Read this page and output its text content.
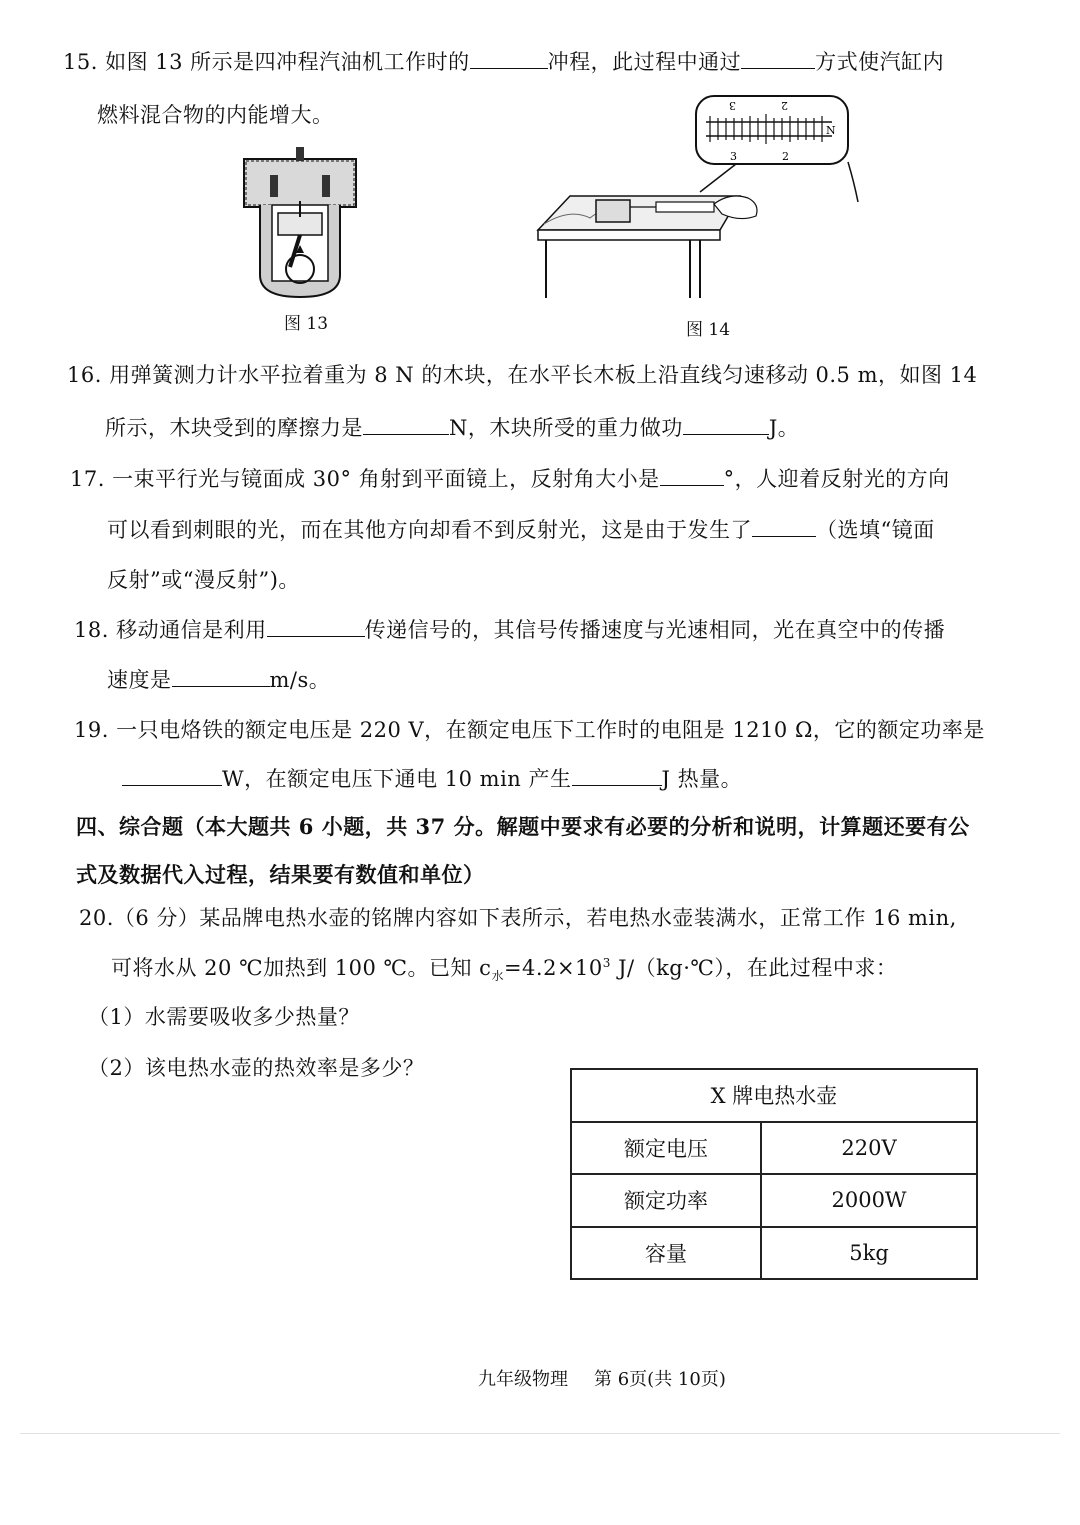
15. 如图 13 所示是四冲程汽油机工作时的	冲程，此过程中通过	方式使汽缸内
燃料混合物的内能增大。
图 13
3	2
N
3	2
图 14
16. 用弹簧测力计水平拉着重为 8 N 的木块，在水平长木板上沿直线匀速移动 0.5 m，如图 14
所示，木块受到的摩擦力是	N，木块所受的重力做功	J。
17. 一束平行光与镜面成 30° 角射到平面镜上，反射角大小是	°，人迎着反射光的方向
可以看到刺眼的光，而在其他方向却看不到反射光，这是由于发生了	（选填“镜面
反射”或“漫反射”)。
18. 移动通信是利用	传递信号的，其信号传播速度与光速相同，光在真空中的传播
速度是	m/s。
19. 一只电烙铁的额定电压是 220 V，在额定电压下工作时的电阻是 1210 Ω，它的额定功率是
W，在额定电压下通电 10 min 产生	J 热量。
四、综合题（本大题共 6 小题，共 37 分。解题中要求有必要的分析和说明，计算题还要有公
式及数据代入过程，结果要有数值和单位）
20.（6 分）某品牌电热水壶的铭牌内容如下表所示，若电热水壶装满水，正常工作 16 min,
可将水从 20 ℃加热到 100 ℃。已知 $c_水=4.2\times 10^3$ J/（kg·℃），在此过程中求：
（1）水需要吸收多少热量？
（2）该电热水壶的热效率是多少？
X 牌电热水壶	
额定电压	220V
额定功率	2000W
容量	5kg
九年级物理 第 6页(共 10页)
